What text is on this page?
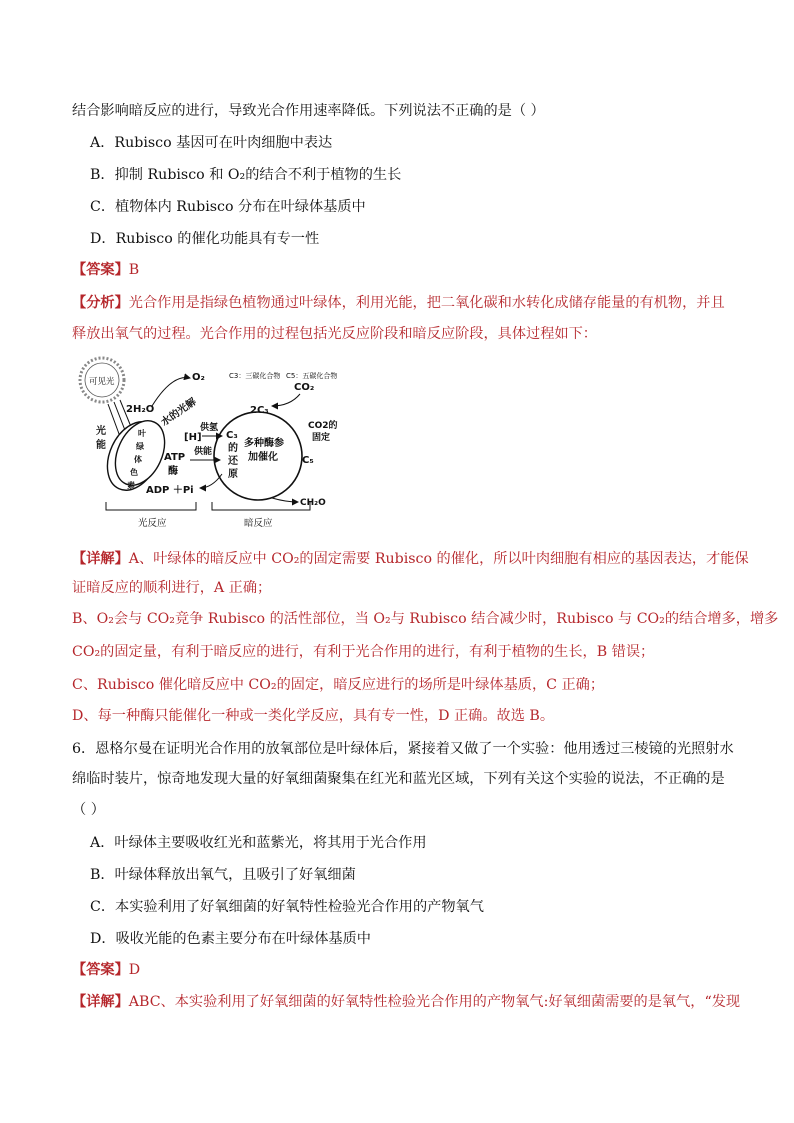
结合影响暗反应的进行，导致光合作用速率降低。下列说法不正确的是（ ）
A．Rubisco 基因可在叶肉细胞中表达
B．抑制 Rubisco 和 O₂的结合不利于植物的生长
C．植物体内 Rubisco 分布在叶绿体基质中
D．Rubisco 的催化功能具有专一性
【答案】B
【分析】光合作用是指绿色植物通过叶绿体，利用光能，把二氧化碳和水转化成储存能量的有机物，并且
释放出氧气的过程。光合作用的过程包括光反应阶段和暗反应阶段，具体过程如下：
可见光
2H₂O
光
能
叶
绿
体
色
素
水的光解
O₂	C3：三碳化合物 C5：五碳化合物
CO₂
2C₃
CO2的
固定
C₅
C₃
的
还
原
多种酶参
加催化
[H]
供氢
供能
ATP
酶
ADP ＋Pi
CH₂O
光反应	暗反应
【详解】A、叶绿体的暗反应中 CO₂的固定需要 Rubisco 的催化，所以叶肉细胞有相应的基因表达，才能保
证暗反应的顺利进行，A 正确；
B、O₂会与 CO₂竞争 Rubisco 的活性部位，当 O₂与 Rubisco 结合减少时，Rubisco 与 CO₂的结合增多，增多
CO₂的固定量，有利于暗反应的进行，有利于光合作用的进行，有利于植物的生长，B 错误；
C、Rubisco 催化暗反应中 CO₂的固定，暗反应进行的场所是叶绿体基质，C 正确；
D、每一种酶只能催化一种或一类化学反应，具有专一性，D 正确。故选 B。
6．恩格尔曼在证明光合作用的放氧部位是叶绿体后，紧接着又做了一个实验：他用透过三棱镜的光照射水
绵临时装片，惊奇地发现大量的好氧细菌聚集在红光和蓝光区域，下列有关这个实验的说法，不正确的是
（ ）
A．叶绿体主要吸收红光和蓝紫光，将其用于光合作用
B．叶绿体释放出氧气，且吸引了好氧细菌
C．本实验利用了好氧细菌的好氧特性检验光合作用的产物氧气
D．吸收光能的色素主要分布在叶绿体基质中
【答案】D
【详解】ABC、本实验利用了好氧细菌的好氧特性检验光合作用的产物氧气:好氧细菌需要的是氧气，“发现
